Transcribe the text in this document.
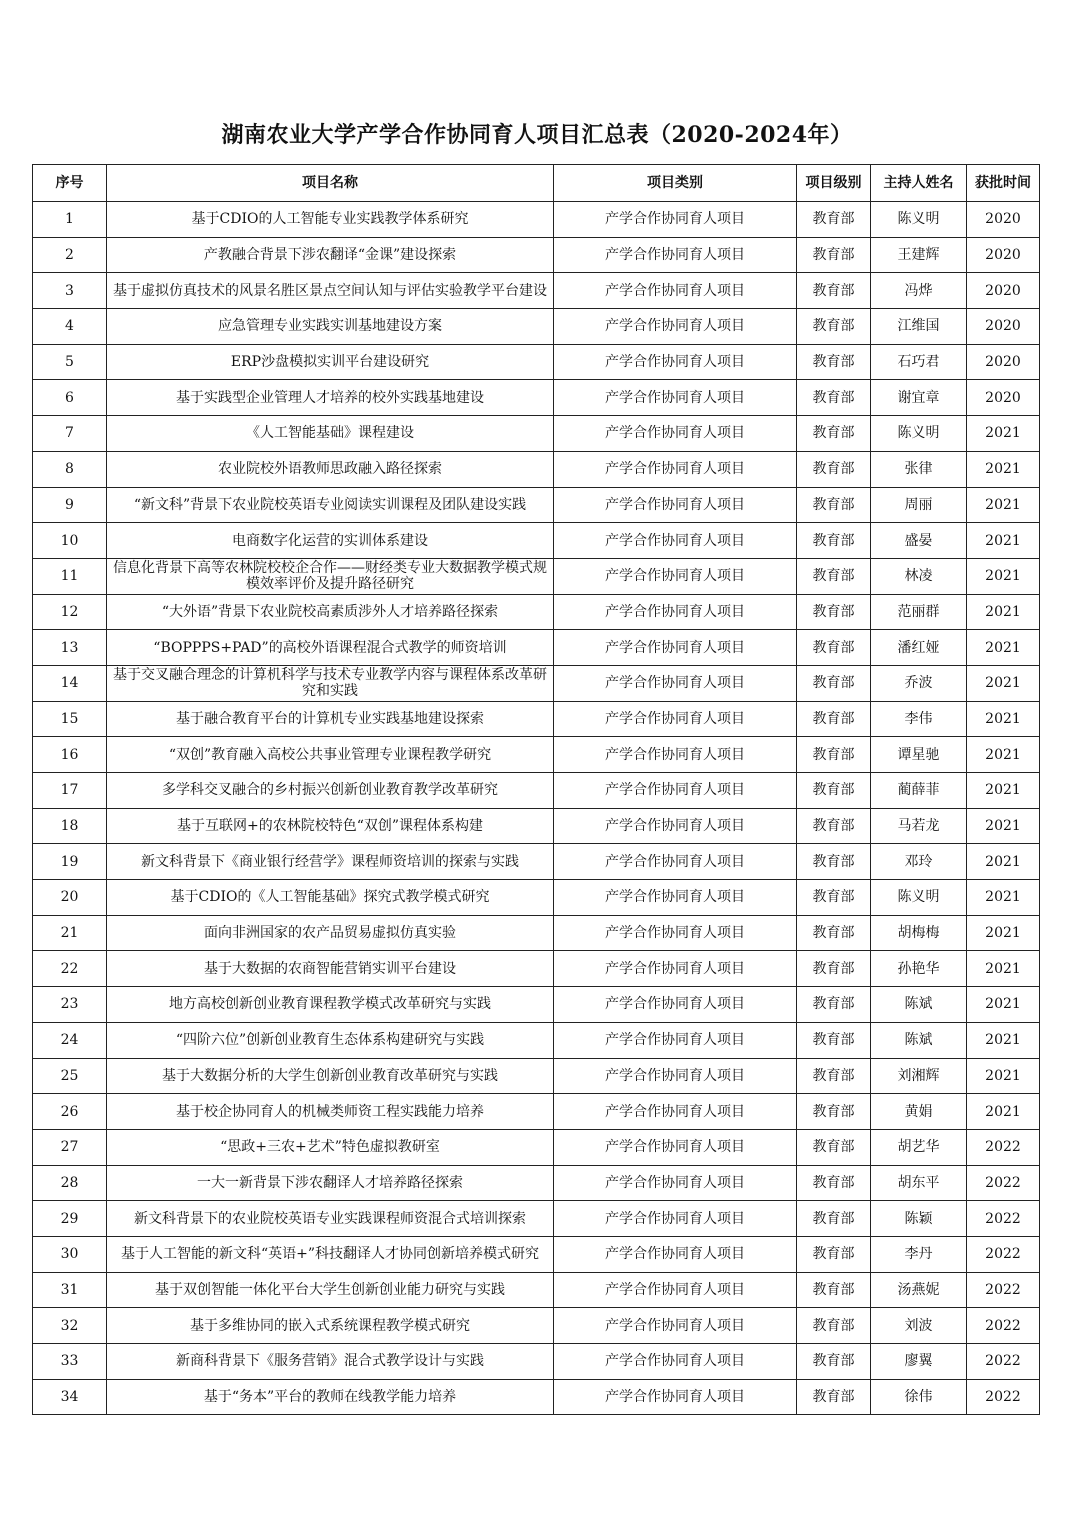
湖南农业大学产学合作协同育人项目汇总表（2020-2024年）
序号	项目名称	项目类别	项目级别	主持人姓名	获批时间
1	基于CDIO的人工智能专业实践教学体系研究	产学合作协同育人项目	教育部	陈义明	2020
2	产教融合背景下涉农翻译“金课”建设探索	产学合作协同育人项目	教育部	王建辉	2020
3	基于虚拟仿真技术的风景名胜区景点空间认知与评估实验教学平台建设	产学合作协同育人项目	教育部	冯烨	2020
4	应急管理专业实践实训基地建设方案	产学合作协同育人项目	教育部	江维国	2020
5	ERP沙盘模拟实训平台建设研究	产学合作协同育人项目	教育部	石巧君	2020
6	基于实践型企业管理人才培养的校外实践基地建设	产学合作协同育人项目	教育部	谢宜章	2020
7	《人工智能基础》课程建设	产学合作协同育人项目	教育部	陈义明	2021
8	农业院校外语教师思政融入路径探索	产学合作协同育人项目	教育部	张律	2021
9	“新文科”背景下农业院校英语专业阅读实训课程及团队建设实践	产学合作协同育人项目	教育部	周丽	2021
10	电商数字化运营的实训体系建设	产学合作协同育人项目	教育部	盛晏	2021
11	信息化背景下高等农林院校校企合作——财经类专业大数据教学模式规模效率评价及提升路径研究	产学合作协同育人项目	教育部	林凌	2021
12	“大外语”背景下农业院校高素质涉外人才培养路径探索	产学合作协同育人项目	教育部	范丽群	2021
13	“BOPPPS+PAD”的高校外语课程混合式教学的师资培训	产学合作协同育人项目	教育部	潘红娅	2021
14	基于交叉融合理念的计算机科学与技术专业教学内容与课程体系改革研究和实践	产学合作协同育人项目	教育部	乔波	2021
15	基于融合教育平台的计算机专业实践基地建设探索	产学合作协同育人项目	教育部	李伟	2021
16	“双创”教育融入高校公共事业管理专业课程教学研究	产学合作协同育人项目	教育部	谭星驰	2021
17	多学科交叉融合的乡村振兴创新创业教育教学改革研究	产学合作协同育人项目	教育部	蔺薛菲	2021
18	基于互联网+的农林院校特色“双创”课程体系构建	产学合作协同育人项目	教育部	马若龙	2021
19	新文科背景下《商业银行经营学》课程师资培训的探索与实践	产学合作协同育人项目	教育部	邓玲	2021
20	基于CDIO的《人工智能基础》探究式教学模式研究	产学合作协同育人项目	教育部	陈义明	2021
21	面向非洲国家的农产品贸易虚拟仿真实验	产学合作协同育人项目	教育部	胡梅梅	2021
22	基于大数据的农商智能营销实训平台建设	产学合作协同育人项目	教育部	孙艳华	2021
23	地方高校创新创业教育课程教学模式改革研究与实践	产学合作协同育人项目	教育部	陈斌	2021
24	“四阶六位”创新创业教育生态体系构建研究与实践	产学合作协同育人项目	教育部	陈斌	2021
25	基于大数据分析的大学生创新创业教育改革研究与实践	产学合作协同育人项目	教育部	刘湘辉	2021
26	基于校企协同育人的机械类师资工程实践能力培养	产学合作协同育人项目	教育部	黄娟	2021
27	“思政+三农+艺术”特色虚拟教研室	产学合作协同育人项目	教育部	胡艺华	2022
28	一大一新背景下涉农翻译人才培养路径探索	产学合作协同育人项目	教育部	胡东平	2022
29	新文科背景下的农业院校英语专业实践课程师资混合式培训探索	产学合作协同育人项目	教育部	陈颖	2022
30	基于人工智能的新文科“英语+”科技翻译人才协同创新培养模式研究	产学合作协同育人项目	教育部	李丹	2022
31	基于双创智能一体化平台大学生创新创业能力研究与实践	产学合作协同育人项目	教育部	汤燕妮	2022
32	基于多维协同的嵌入式系统课程教学模式研究	产学合作协同育人项目	教育部	刘波	2022
33	新商科背景下《服务营销》混合式教学设计与实践	产学合作协同育人项目	教育部	廖翼	2022
34	基于“务本”平台的教师在线教学能力培养	产学合作协同育人项目	教育部	徐伟	2022
